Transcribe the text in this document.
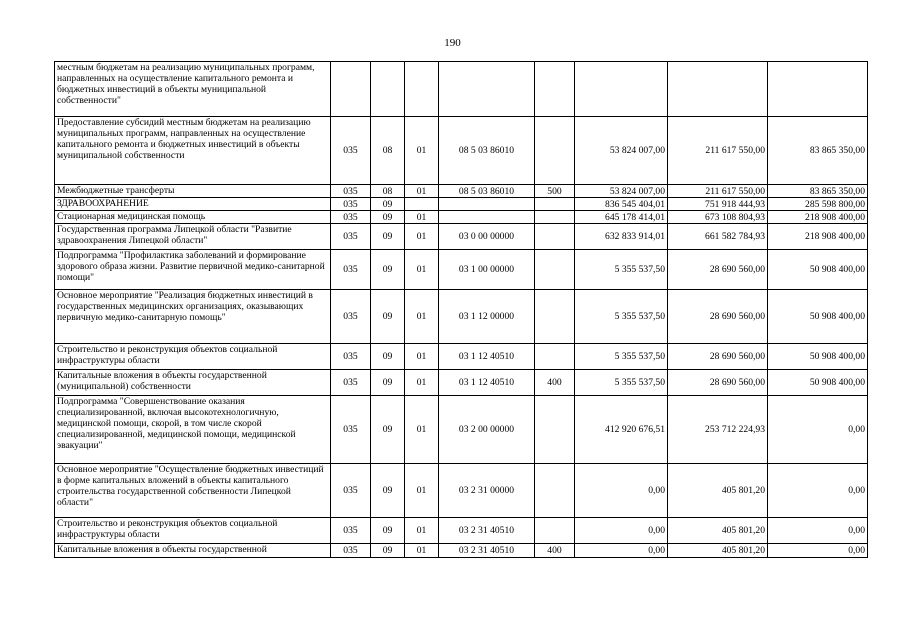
190
местным бюджетам на реализацию муниципальных программ, направленных на осуществление капитального ремонта и бюджетных инвестиций в объекты муниципальной собственности"								
Предоставление субсидий местным бюджетам на реализацию муниципальных программ, направленных на осуществление капитального ремонта и бюджетных инвестиций в объекты муниципальной собственности	035	08	01	08 5 03 86010		53 824 007,00	211 617 550,00	83 865 350,00
Межбюджетные трансферты	035	08	01	08 5 03 86010	500	53 824 007,00	211 617 550,00	83 865 350,00
ЗДРАВООХРАНЕНИЕ	035	09				836 545 404,01	751 918 444,93	285 598 800,00
Стационарная медицинская помощь	035	09	01			645 178 414,01	673 108 804,93	218 908 400,00
Государственная программа Липецкой области "Развитие здравоохранения Липецкой области"	035	09	01	03 0 00 00000		632 833 914,01	661 582 784,93	218 908 400,00
Подпрограмма "Профилактика заболеваний и формирование здорового образа жизни. Развитие первичной медико-санитарной помощи"	035	09	01	03 1 00 00000		5 355 537,50	28 690 560,00	50 908 400,00
Основное мероприятие "Реализация бюджетных инвестиций в государственных медицинских организациях, оказывающих первичную медико-санитарную помощь"	035	09	01	03 1 12 00000		5 355 537,50	28 690 560,00	50 908 400,00
Строительство и реконструкция объектов социальной инфраструктуры области	035	09	01	03 1 12 40510		5 355 537,50	28 690 560,00	50 908 400,00
Капитальные вложения в объекты государственной (муниципальной) собственности	035	09	01	03 1 12 40510	400	5 355 537,50	28 690 560,00	50 908 400,00
Подпрограмма "Совершенствование оказания специализированной, включая высокотехнологичную, медицинской помощи, скорой, в том числе скорой специализированной, медицинской помощи, медицинской эвакуации"	035	09	01	03 2 00 00000		412 920 676,51	253 712 224,93	0,00
Основное мероприятие "Осуществление бюджетных инвестиций в форме капитальных вложений в объекты капитального строительства государственной собственности Липецкой области"	035	09	01	03 2 31 00000		0,00	405 801,20	0,00
Строительство и реконструкция объектов социальной инфраструктуры области	035	09	01	03 2 31 40510		0,00	405 801,20	0,00
Капитальные вложения в объекты государственной	035	09	01	03 2 31 40510	400	0,00	405 801,20	0,00
